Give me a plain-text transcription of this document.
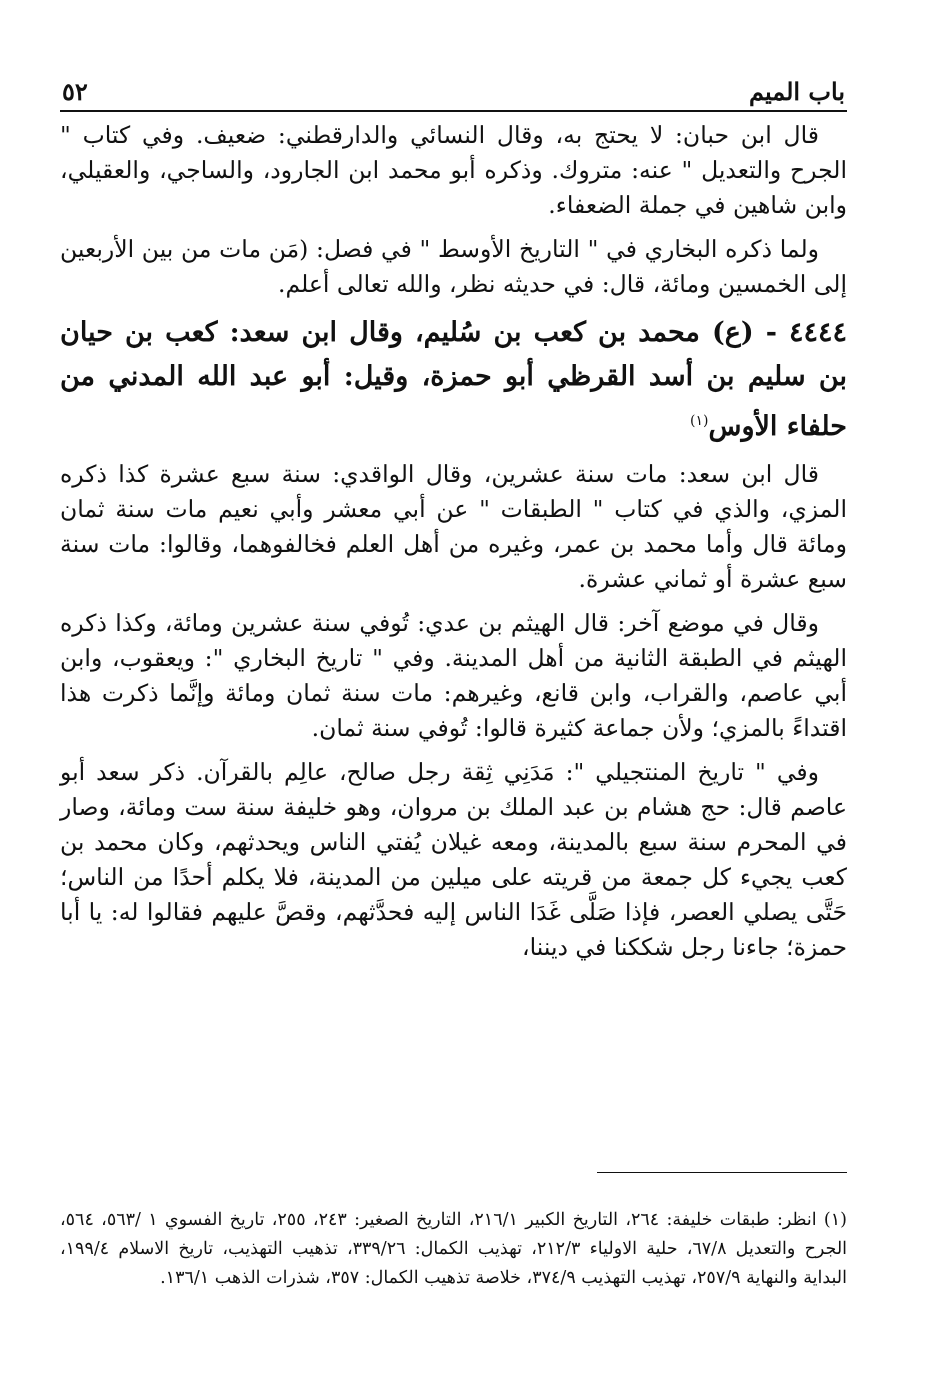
باب الميم
٥٢

قال ابن حبان: لا يحتج به، وقال النسائي والدارقطني: ضعيف. وفي كتاب " الجرح والتعديل " عنه: متروك. وذكره أبو محمد ابن الجارود، والساجي، والعقيلي، وابن شاهين في جملة الضعفاء.

ولما ذكره البخاري في " التاريخ الأوسط " في فصل: (مَن مات من بين الأربعين إلى الخمسين ومائة، قال: في حديثه نظر، والله تعالى أعلم.

٤٤٤٤ - (ع) محمد بن كعب بن سُليم، وقال ابن سعد: كعب بن حيان بن سليم بن أسد القرظي أبو حمزة، وقيل: أبو عبد الله المدني من حلفاء الأوس$^{(١)}$

قال ابن سعد: مات سنة عشرين، وقال الواقدي: سنة سبع عشرة كذا ذكره المزي، والذي في كتاب " الطبقات " عن أبي معشر وأبي نعيم مات سنة ثمان ومائة قال وأما محمد بن عمر، وغيره من أهل العلم فخالفوهما، وقالوا: مات سنة سبع عشرة أو ثماني عشرة.

وقال في موضع آخر: قال الهيثم بن عدي: تُوفي سنة عشرين ومائة، وكذا ذكره الهيثم في الطبقة الثانية من أهل المدينة. وفي " تاريخ البخاري ": ويعقوب، وابن أبي عاصم، والقراب، وابن قانع، وغيرهم: مات سنة ثمان ومائة وإنَّما ذكرت هذا اقتداءً بالمزي؛ ولأن جماعة كثيرة قالوا: تُوفي سنة ثمان.

وفي " تاريخ المنتجيلي ": مَدَنِي ثِقة رجل صالح، عالِم بالقرآن. ذكر سعد أبو عاصم قال: حج هشام بن عبد الملك بن مروان، وهو خليفة سنة ست ومائة، وصار في المحرم سنة سبع بالمدينة، ومعه غيلان يُفتي الناس ويحدثهم، وكان محمد بن كعب يجيء كل جمعة من قريته على ميلين من المدينة، فلا يكلم أحدًا من الناس؛ حَتَّى يصلي العصر، فإذا صَلَّى غَدَا الناس إليه فحدَّثهم، وقصَّ عليهم فقالوا له: يا أبا حمزة؛ جاءنا رجل شككنا في ديننا،

(١) انظر: طبقات خليفة: ٢٦٤، التاريخ الكبير ٢١٦/١، التاريخ الصغير: ٢٤٣، ٢٥٥، تاريخ الفسوي ١ /٥٦٣، ٥٦٤، الجرح والتعديل ٦٧/٨، حلية الاولياء ٢١٢/٣، تهذيب الكمال: ٣٣٩/٢٦، تذهيب التهذيب، تاريخ الاسلام ١٩٩/٤، البداية والنهاية ٢٥٧/٩، تهذيب التهذيب ٣٧٤/٩، خلاصة تذهيب الكمال: ٣٥٧، شذرات الذهب ١٣٦/١.
